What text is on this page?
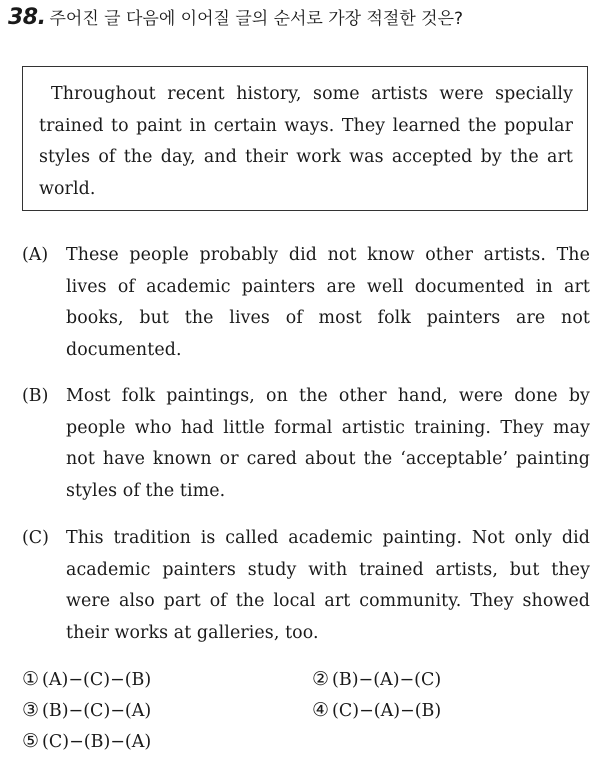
38. 주어진 글 다음에 이어질 글의 순서로 가장 적절한 것은?

Throughout recent history, some artists were specially trained to paint in certain ways. They learned the popular styles of the day, and their work was accepted by the art world.

(A) These people probably did not know other artists. The lives of academic painters are well documented in art books, but the lives of most folk painters are not documented.

(B) Most folk paintings, on the other hand, were done by people who had little formal artistic training. They may not have known or cared about the ‘acceptable’ painting styles of the time.

(C) This tradition is called academic painting. Not only did academic painters study with trained artists, but they were also part of the local art community. They showed their works at galleries, too.

① (A)−(C)−(B)	② (B)−(A)−(C)
③ (B)−(C)−(A)	④ (C)−(A)−(B)
⑤ (C)−(B)−(A)
